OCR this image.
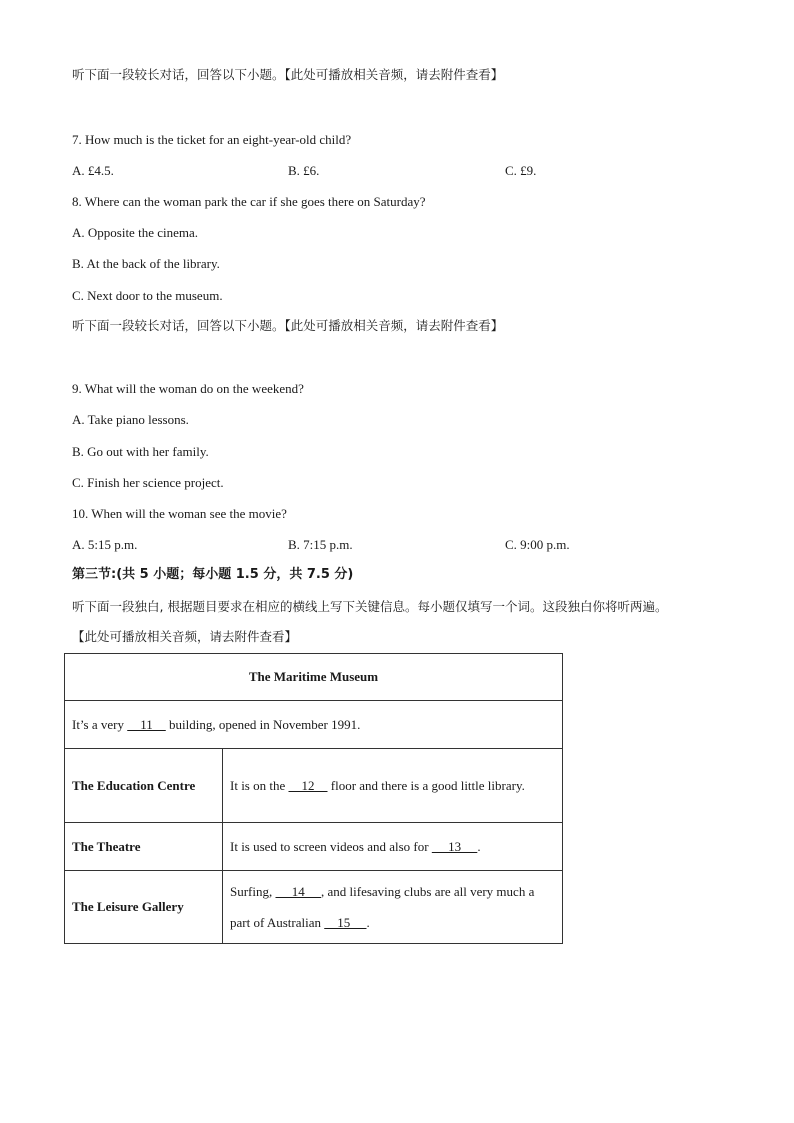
听下面一段较长对话，回答以下小题。【此处可播放相关音频，请去附件查看】
7. How much is the ticket for an eight-year-old child?
A. £4.5.	B. £6.	C. £9.
8. Where can the woman park the car if she goes there on Saturday?
A. Opposite the cinema.
B. At the back of the library.
C. Next door to the museum.
听下面一段较长对话，回答以下小题。【此处可播放相关音频，请去附件查看】
9. What will the woman do on the weekend?
A. Take piano lessons.
B. Go out with her family.
C. Finish her science project.
10. When will the woman see the movie?
A. 5:15 p.m.	B. 7:15 p.m.	C. 9:00 p.m.
第三节:(共 5 小题；每小题 1.5 分，共 7.5 分)
听下面一段独白, 根据题目要求在相应的横线上写下关键信息。每小题仅填写一个词。这段独白你将听两遍。
【此处可播放相关音频，请去附件查看】
The Maritime Museum	
It’s a very     11     building, opened in November 1991.	
The Education Centre	It is on the     12     floor and there is a good little library.
The Theatre	It is used to screen videos and also for      13     .
The Leisure Gallery	Surfing,      14     , and lifesaving clubs are all very much a part of Australian     15     .
